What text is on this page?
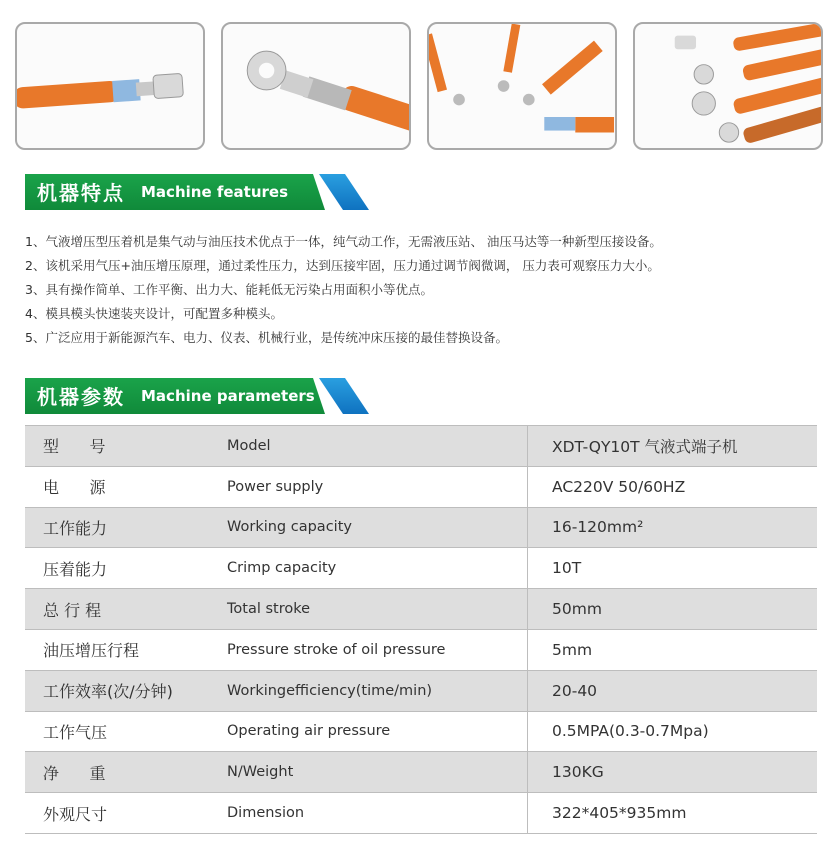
机器特点 Machine features
1、气液增压型压着机是集气动与油压技术优点于一体，纯气动工作，无需液压站、 油压马达等一种新型压接设备。
2、该机采用气压+油压增压原理，通过柔性压力，达到压接牢固，压力通过调节阀微调， 压力表可观察压力大小。
3、具有操作简单、工作平衡、出力大、能耗低无污染占用面积小等优点。
4、模具模头快速装夹设计，可配置多种模头。
5、广泛应用于新能源汽车、电力、仪表、机械行业，是传统冲床压接的最佳替换设备。
机器参数 Machine parameters
型      号	Model	XDT-QY10T 气液式端子机
电      源	Power supply	AC220V 50/60HZ
工作能力	Working capacity	16-120mm²
压着能力	Crimp capacity	10T
总 行 程	Total stroke	50mm
油压增压行程	Pressure stroke of oil pressure	5mm
工作效率(次/分钟)	Workingefficiency(time/min)	20-40
工作气压	Operating air pressure	0.5MPA(0.3-0.7Mpa)
净      重	N/Weight	130KG
外观尺寸	Dimension	322*405*935mm
